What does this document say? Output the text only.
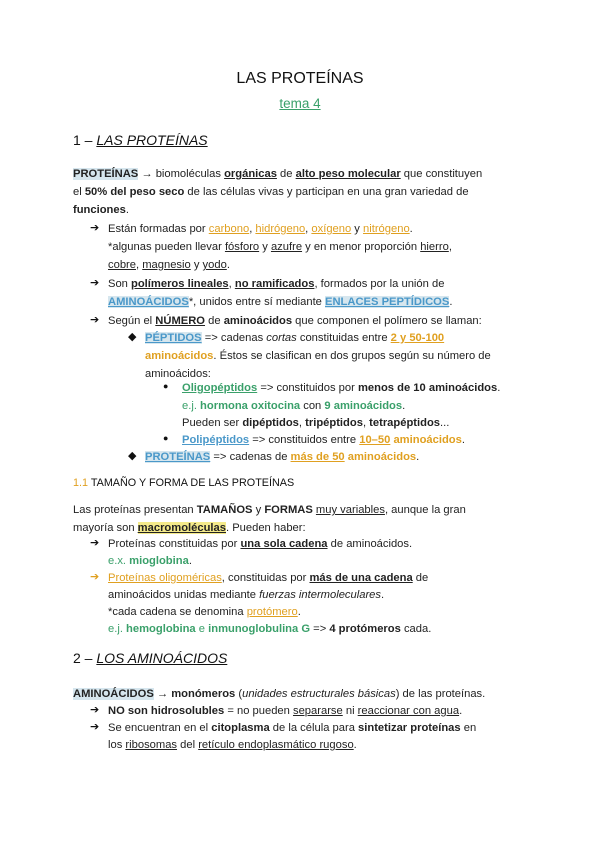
LAS PROTEÍNAS
tema 4
1 – LAS PROTEÍNAS
PROTEÍNAS → biomoléculas orgánicas de alto peso molecular que constituyen
el 50% del peso seco de las células vivas y participan en una gran variedad de
funciones.
➔ Están formadas por carbono, hidrógeno, oxígeno y nitrógeno.
*algunas pueden llevar fósforo y azufre y en menor proporción hierro,
cobre, magnesio y yodo.
➔ Son polímeros lineales, no ramificados, formados por la unión de
AMINOÁCIDOS*, unidos entre sí mediante ENLACES PEPTÍDICOS.
➔ Según el NÚMERO de aminoácidos que componen el polímero se llaman:
◆ PÉPTIDOS => cadenas cortas constituidas entre 2 y 50-100
aminoácidos. Éstos se clasifican en dos grupos según su número de
aminoácidos:
● Oligopéptidos => constituidos por menos de 10 aminoácidos.
e.j. hormona oxitocina con 9 aminoácidos.
Pueden ser dipéptidos, tripéptidos, tetrapéptidos...
● Polipéptidos => constituidos entre 10–50 aminoácidos.
◆ PROTEÍNAS => cadenas de más de 50 aminoácidos.
1.1 TAMAÑO Y FORMA DE LAS PROTEÍNAS
Las proteínas presentan TAMAÑOS y FORMAS muy variables, aunque la gran
mayoría son macromoléculas. Pueden haber:
➔ Proteínas constituidas por una sola cadena de aminoácidos.
e.x. mioglobina.
➔ Proteínas oligoméricas, constituidas por más de una cadena de
aminoácidos unidas mediante fuerzas intermoleculares.
*cada cadena se denomina protómero.
e.j. hemoglobina e inmunoglobulina G => 4 protómeros cada.
2 – LOS AMINOÁCIDOS
AMINOÁCIDOS → monómeros (unidades estructurales básicas) de las proteínas.
➔ NO son hidrosolubles = no pueden separarse ni reaccionar con agua.
➔ Se encuentran en el citoplasma de la célula para sintetizar proteínas en
los ribosomas del retículo endoplasmático rugoso.
